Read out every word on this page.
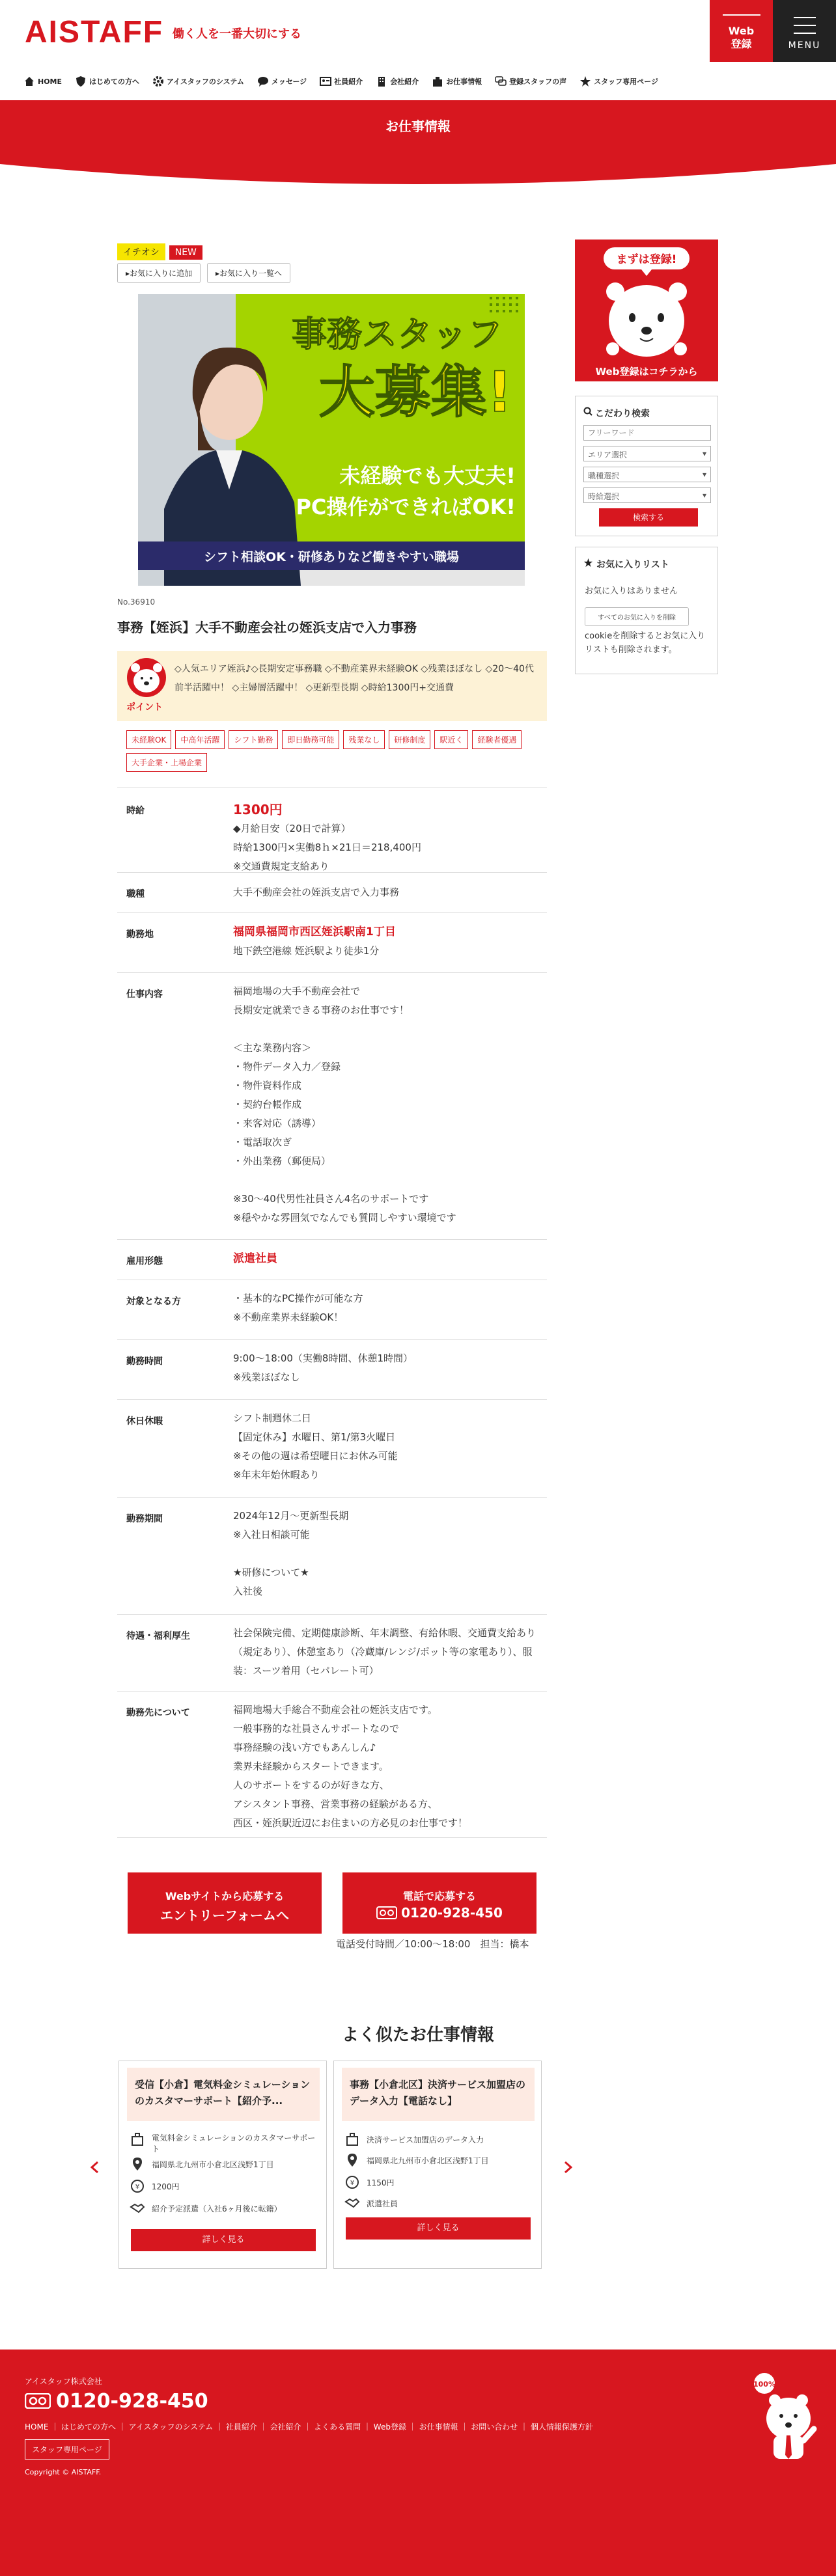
AISTAFF 働く人を一番大切にする	Web
登録	MENU
HOME	はじめての方へ	アイスタッフのシステム	メッセージ	社員紹介	会社紹介	お仕事情報	登録スタッフの声	スタッフ専用ページ
お仕事情報
イチオシ NEW
▸お気に入りに追加	▸お気に入り一覧へ
シフト相談OK・研修ありなど働きやすい職場
事務スタッフ
大募集!
未経験でも大丈夫!
PC操作ができればOK!
No.36910
事務【姪浜】大手不動産会社の姪浜支店で入力事務
◇人気エリア姪浜♪◇長期安定事務職 ◇不動産業界未経験OK ◇残業ほぼなし ◇20〜40代前半活躍中！ ◇主婦層活躍中！ ◇更新型長期 ◇時給1300円+交通費
ポイント
未経験OK	中高年活躍	シフト勤務	即日勤務可能	残業なし	研修制度	駅近く	経験者優遇
大手企業・上場企業
時給	1300円
◆月給目安（20日で計算）
時給1300円×実働8ｈ×21日＝218,400円
※交通費規定支給あり
職種	大手不動産会社の姪浜支店で入力事務
勤務地	福岡県福岡市西区姪浜駅南1丁目
地下鉄空港線 姪浜駅より徒歩1分
仕事内容	福岡地場の大手不動産会社で
長期安定就業できる事務のお仕事です！

＜主な業務内容＞
・物件データ入力／登録
・物件資料作成
・契約台帳作成
・来客対応（誘導）
・電話取次ぎ
・外出業務（郵便局）

※30〜40代男性社員さん4名のサポートです
※穏やかな雰囲気でなんでも質問しやすい環境です
雇用形態	派遣社員
対象となる方	・基本的なPC操作が可能な方
※不動産業界未経験OK！
勤務時間	9:00〜18:00（実働8時間、休憩1時間）
※残業ほぼなし
休日休暇	シフト制週休二日
【固定休み】水曜日、第1/第3火曜日
※その他の週は希望曜日にお休み可能
※年末年始休暇あり
勤務期間	2024年12月〜更新型長期
※入社日相談可能

★研修について★
入社後
待遇・福利厚生	社会保険完備、定期健康診断、年末調整、有給休暇、交通費支給あり（規定あり）、休憩室あり（冷蔵庫/レンジ/ポット等の家電あり）、服装：スーツ着用（セパレート可）
勤務先について	福岡地場大手総合不動産会社の姪浜支店です。
一般事務的な社員さんサポートなので
事務経験の浅い方でもあんしん♪
業界未経験からスタートできます。
人のサポートをするのが好きな方、
アシスタント事務、営業事務の経験がある方、
西区・姪浜駅近辺にお住まいの方必見のお仕事です！
Webサイトから応募する
エントリーフォームへ
電話で応募する
0120-928-450
電話受付時間／10:00〜18:00　担当：橋本
まずは登録!
Web登録はコチラから
こだわり検索
フリーワード
エリア選択	▾
職種選択	▾
時給選択	▾
検索する
お気に入りリスト
お気に入りはありません
すべてのお気に入りを削除
cookieを削除するとお気に入りリストも削除されます。
よく似たお仕事情報
受信【小倉】電気料金シミュレーションのカスタマーサポート【紹介予...
電気料金シミュレーションのカスタマーサポート
福岡県北九州市小倉北区浅野1丁目
¥ 1200円
紹介予定派遣（入社6ヶ月後に転籍）
詳しく見る
事務【小倉北区】決済サービス加盟店のデータ入力【電話なし】
決済サービス加盟店のデータ入力
福岡県北九州市小倉北区浅野1丁目
¥ 1150円
派遣社員
詳しく見る
アイスタッフ株式会社
0120-928-450
HOME ｜ はじめての方へ ｜ アイスタッフのシステム ｜ 社員紹介 ｜ 会社紹介 ｜ よくある質問 ｜ Web登録 ｜ お仕事情報 ｜ お問い合わせ ｜ 個人情報保護方針
スタッフ専用ページ
Copyright © AISTAFF.
100%
